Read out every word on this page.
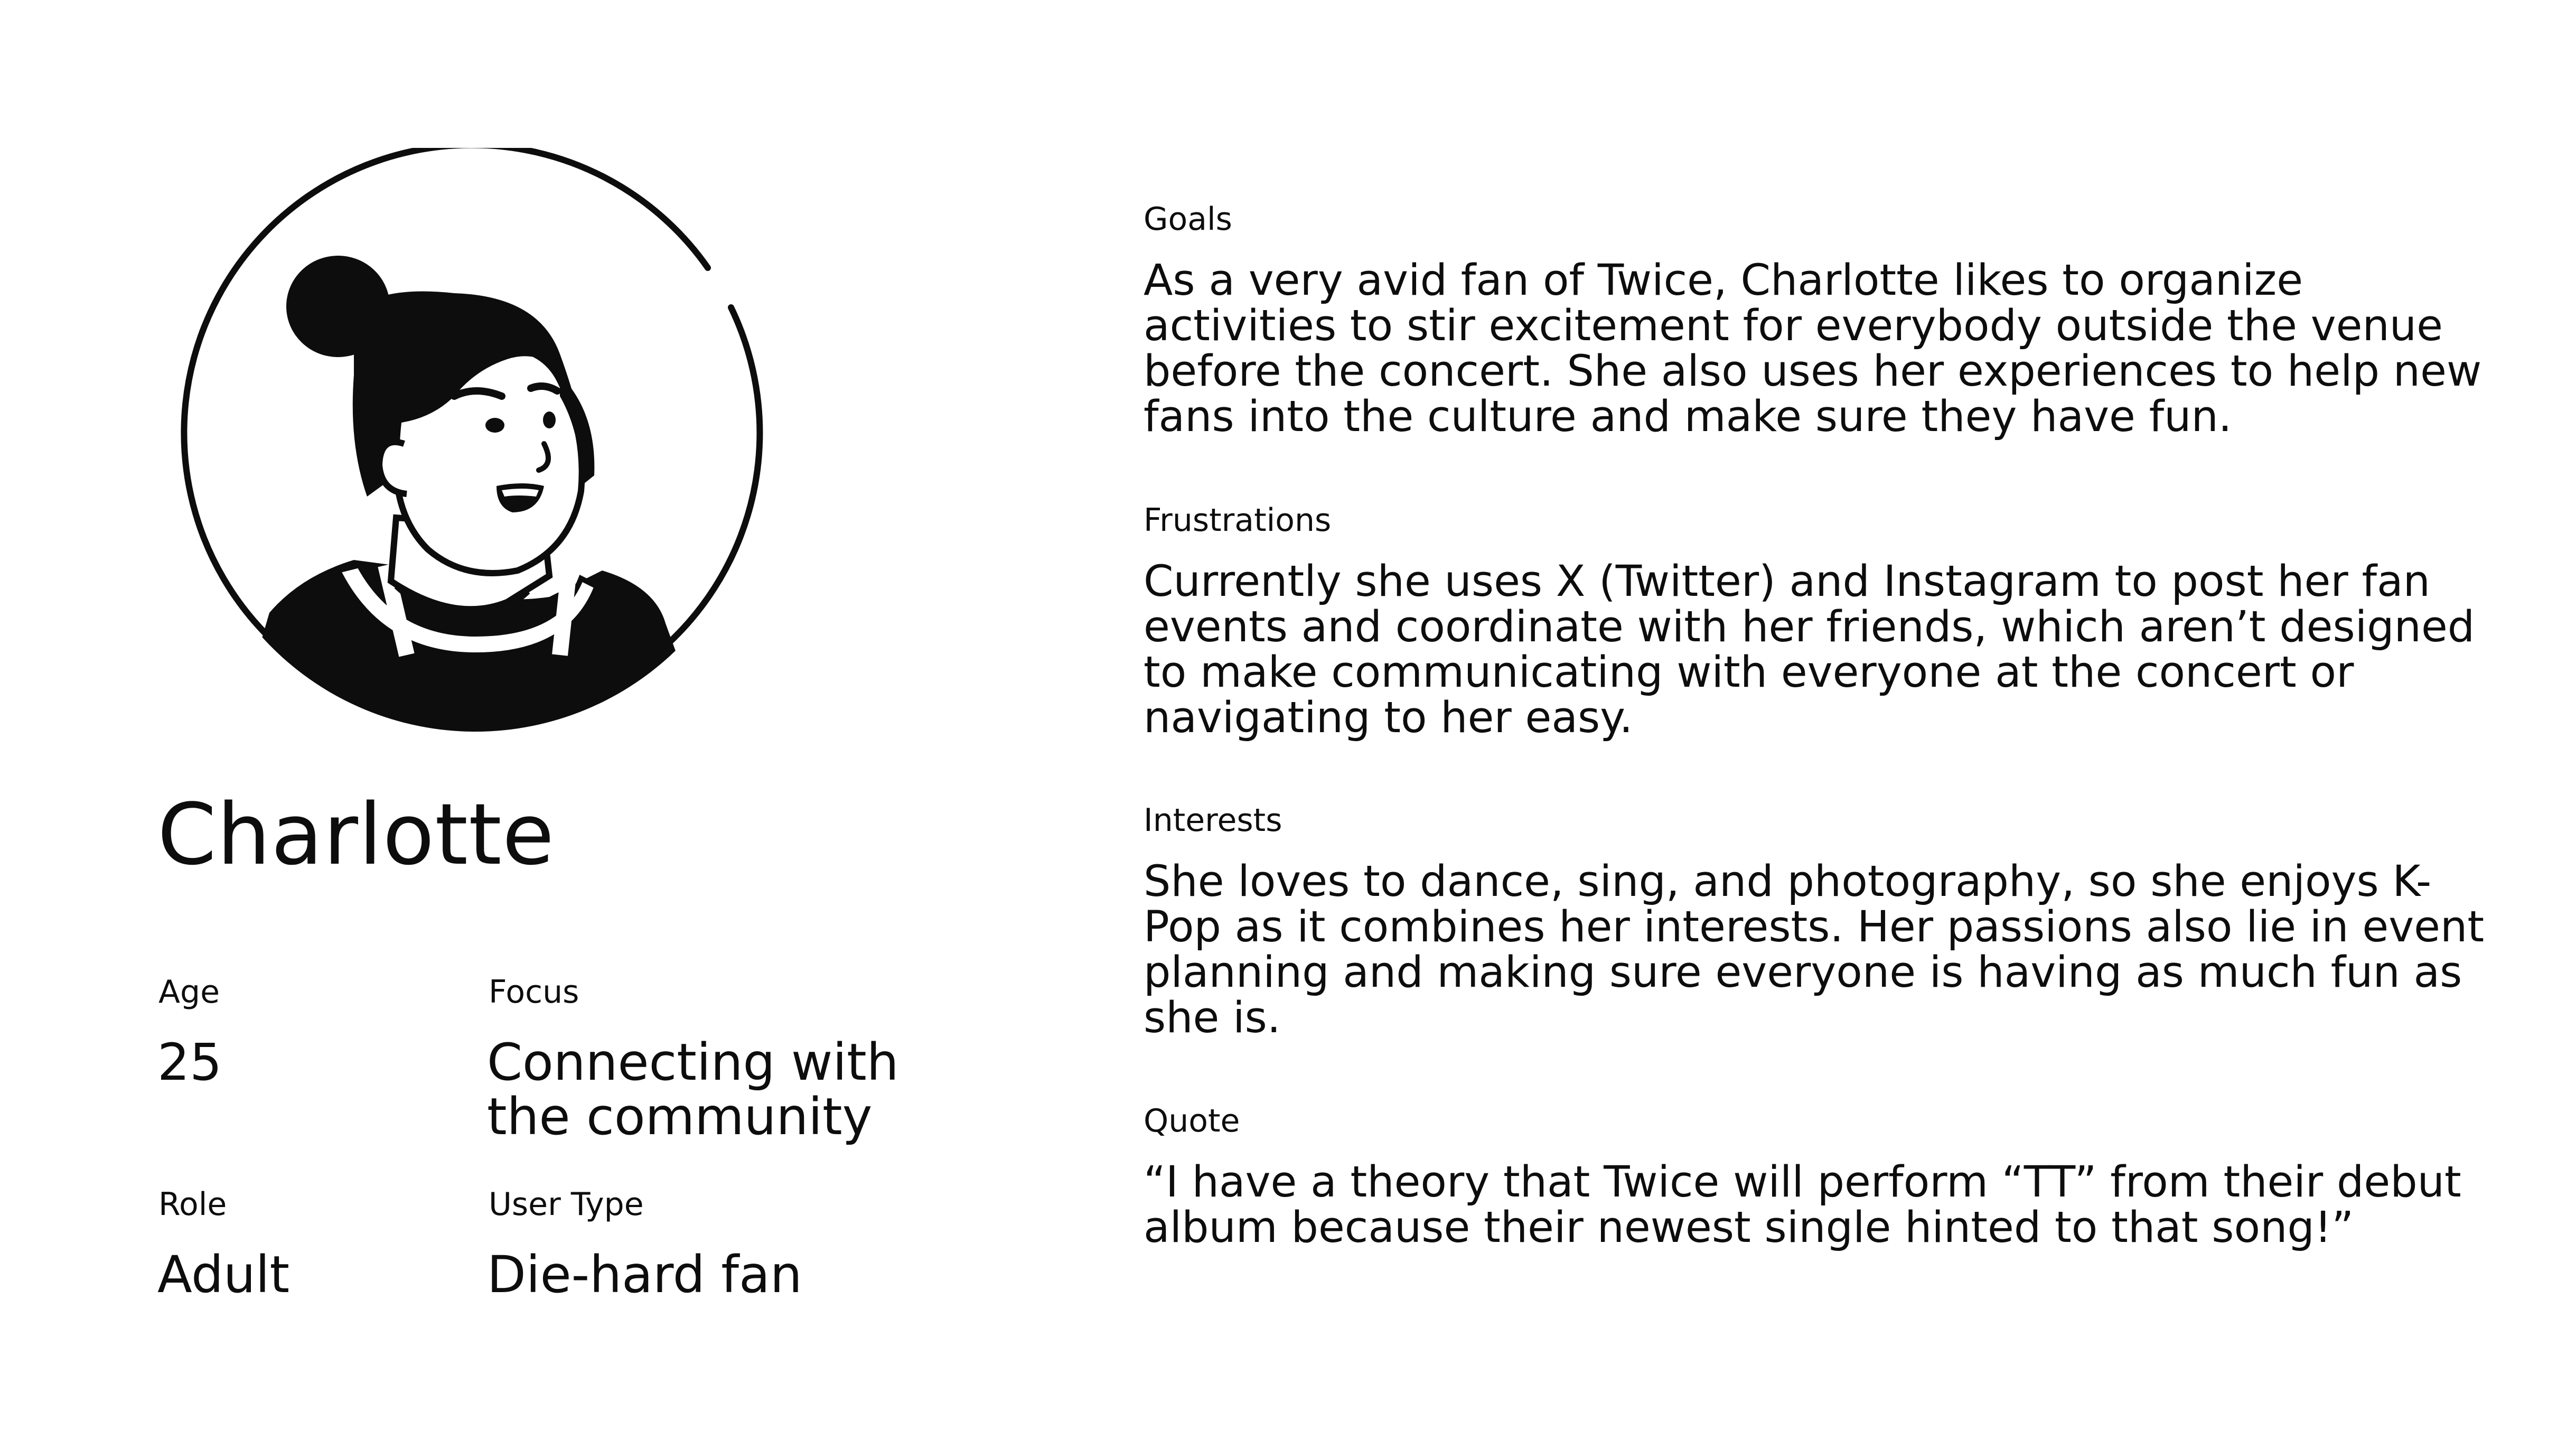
Charlotte
Age
25
Focus
Connecting with the community
Role
Adult
User Type
Die-hard fan
Goals

As a very avid fan of Twice, Charlotte likes to organize activities to stir excitement for everybody outside the venue before the concert. She also uses her experiences to help new fans into the culture and make sure they have fun.

Frustrations

Currently she uses X (Twitter) and Instagram to post her fan events and coordinate with her friends, which aren’t designed to make communicating with everyone at the concert or navigating to her easy.

Interests

She loves to dance, sing, and photography, so she enjoys K-Pop as it combines her interests. Her passions also lie in event planning and making sure everyone is having as much fun as she is.

Quote

“I have a theory that Twice will perform “TT” from their debut album because their newest single hinted to that song!”
